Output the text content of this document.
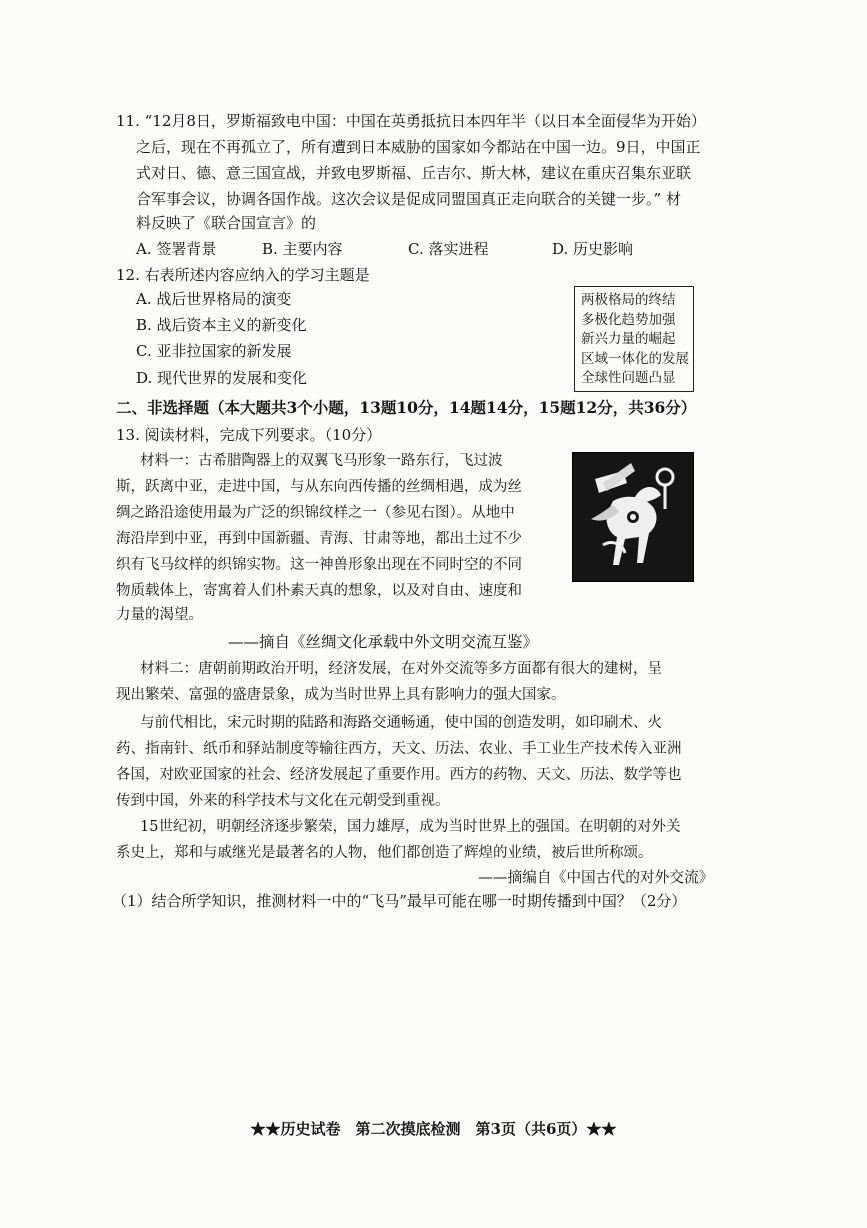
11. “12月8日，罗斯福致电中国：中国在英勇抵抗日本四年半（以日本全面侵华为开始）
之后，现在不再孤立了，所有遭到日本威胁的国家如今都站在中国一边。9日，中国正
式对日、德、意三国宣战，并致电罗斯福、丘吉尔、斯大林，建议在重庆召集东亚联
合军事会议，协调各国作战。这次会议是促成同盟国真正走向联合的关键一步。” 材
料反映了《联合国宣言》的
A. 签署背景	B. 主要内容	C. 落实进程	D. 历史影响
12. 右表所述内容应纳入的学习主题是
A. 战后世界格局的演变
B. 战后资本主义的新变化
C. 亚非拉国家的新发展
D. 现代世界的发展和变化
两极格局的终结
多极化趋势加强
新兴力量的崛起
区域一体化的发展
全球性问题凸显
二、非选择题（本大题共3个小题，13题10分，14题14分，15题12分，共36分）
13. 阅读材料，完成下列要求。（10分）
材料一：古希腊陶器上的双翼飞马形象一路东行，飞过波
斯，跃离中亚，走进中国，与从东向西传播的丝绸相遇，成为丝
绸之路沿途使用最为广泛的织锦纹样之一（参见右图）。从地中
海沿岸到中亚，再到中国新疆、青海、甘肃等地，都出土过不少
织有飞马纹样的织锦实物。这一神兽形象出现在不同时空的不同
物质载体上，寄寓着人们朴素天真的想象，以及对自由、速度和
力量的渴望。
——摘自《丝绸文化承载中外文明交流互鉴》
材料二：唐朝前期政治开明，经济发展，在对外交流等多方面都有很大的建树，呈
现出繁荣、富强的盛唐景象，成为当时世界上具有影响力的强大国家。
与前代相比，宋元时期的陆路和海路交通畅通，使中国的创造发明，如印刷术、火
药、指南针、纸币和驿站制度等输往西方，天文、历法、农业、手工业生产技术传入亚洲
各国，对欧亚国家的社会、经济发展起了重要作用。西方的药物、天文、历法、数学等也
传到中国，外来的科学技术与文化在元朝受到重视。
15世纪初，明朝经济逐步繁荣，国力雄厚，成为当时世界上的强国。在明朝的对外关
系史上，郑和与戚继光是最著名的人物，他们都创造了辉煌的业绩，被后世所称颂。
——摘编自《中国古代的对外交流》
（1）结合所学知识，推测材料一中的“飞马”最早可能在哪一时期传播到中国？（2分）
★★历史试卷　第二次摸底检测　第3页（共6页）★★
